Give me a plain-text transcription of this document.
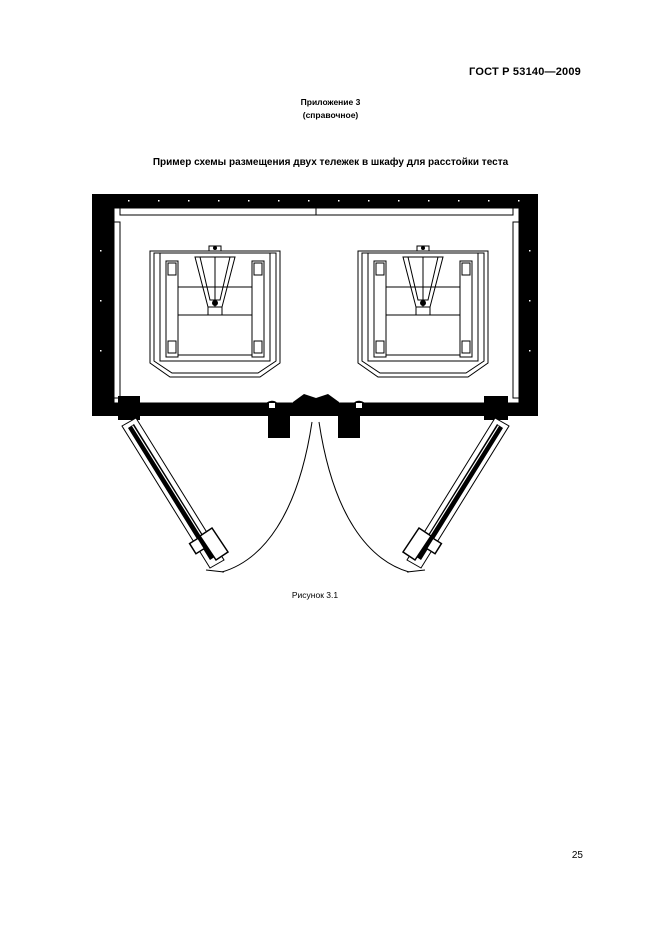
ГОСТ Р 53140—2009
Приложение 3
(справочное)
Пример схемы размещения двух тележек в шкафу для расстойки теста
Рисунок 3.1
25
